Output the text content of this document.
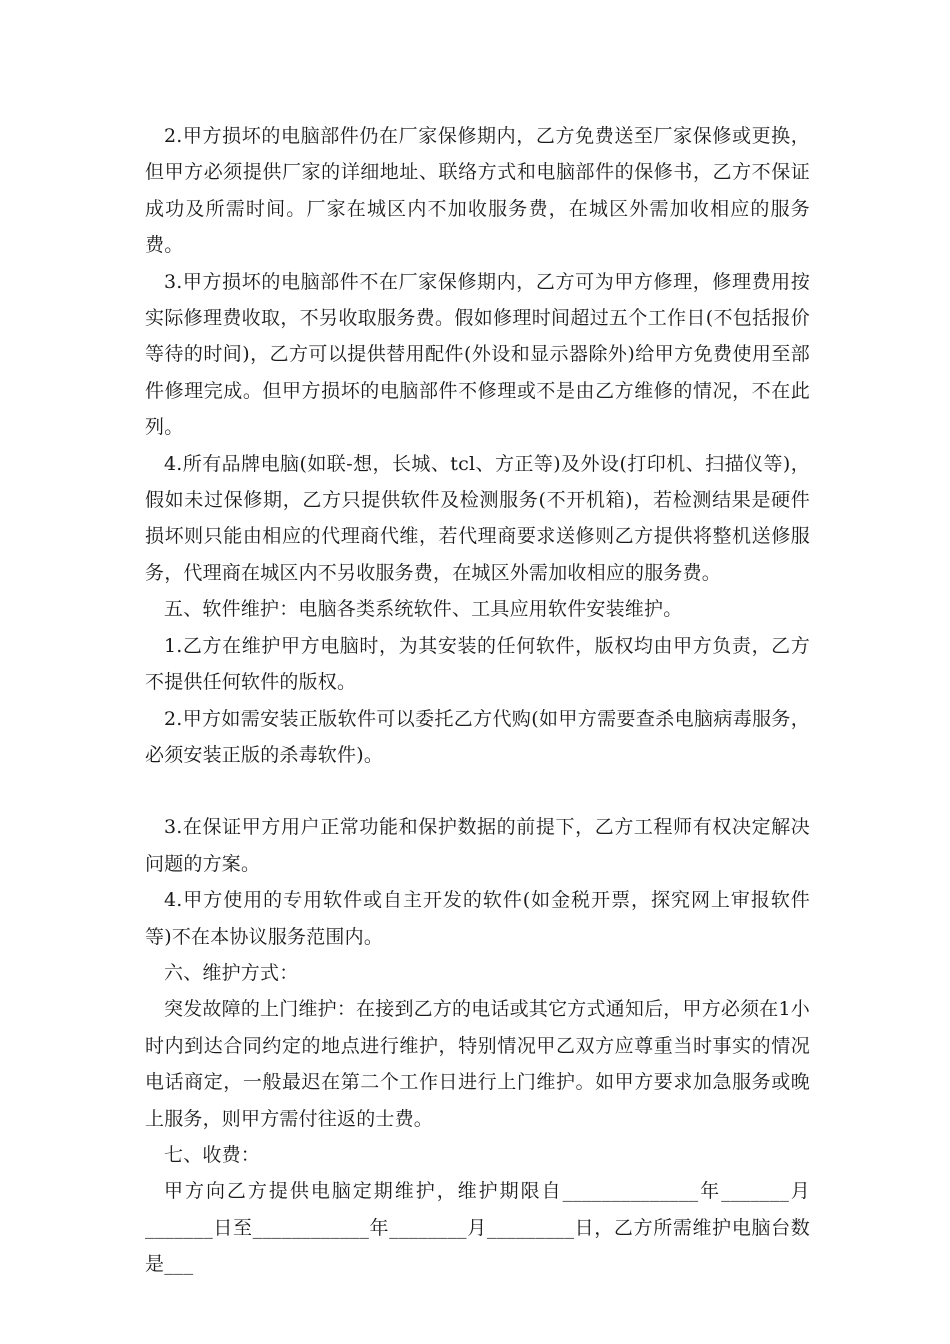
2.甲方损坏的电脑部件仍在厂家保修期内，乙方免费送至厂家保修或更换，但甲方必须提供厂家的详细地址、联络方式和电脑部件的保修书，乙方不保证成功及所需时间。厂家在城区内不加收服务费，在城区外需加收相应的服务费。

3.甲方损坏的电脑部件不在厂家保修期内，乙方可为甲方修理，修理费用按实际修理费收取，不另收取服务费。假如修理时间超过五个工作日(不包括报价等待的时间)，乙方可以提供替用配件(外设和显示器除外)给甲方免费使用至部件修理完成。但甲方损坏的电脑部件不修理或不是由乙方维修的情况，不在此列。

4.所有品牌电脑(如联-想，长城、tcl、方正等)及外设(打印机、扫描仪等)，假如未过保修期，乙方只提供软件及检测服务(不开机箱)，若检测结果是硬件损坏则只能由相应的代理商代维，若代理商要求送修则乙方提供将整机送修服务，代理商在城区内不另收服务费，在城区外需加收相应的服务费。

五、软件维护：电脑各类系统软件、工具应用软件安装维护。

1.乙方在维护甲方电脑时，为其安装的任何软件，版权均由甲方负责，乙方不提供任何软件的版权。

2.甲方如需安装正版软件可以委托乙方代购(如甲方需要查杀电脑病毒服务，必须安装正版的杀毒软件)。

3.在保证甲方用户正常功能和保护数据的前提下，乙方工程师有权决定解决问题的方案。

4.甲方使用的专用软件或自主开发的软件(如金税开票，探究网上审报软件等)不在本协议服务范围内。

六、维护方式：

突发故障的上门维护：在接到乙方的电话或其它方式通知后，甲方必须在1小时内到达合同约定的地点进行维护，特别情况甲乙双方应尊重当时事实的情况电话商定，一般最迟在第二个工作日进行上门维护。如甲方要求加急服务或晚上服务，则甲方需付往返的士费。

七、收费：

甲方向乙方提供电脑定期维护，维护期限自______________年_______月_______日至____________年________月_________日，乙方所需维护电脑台数是___
